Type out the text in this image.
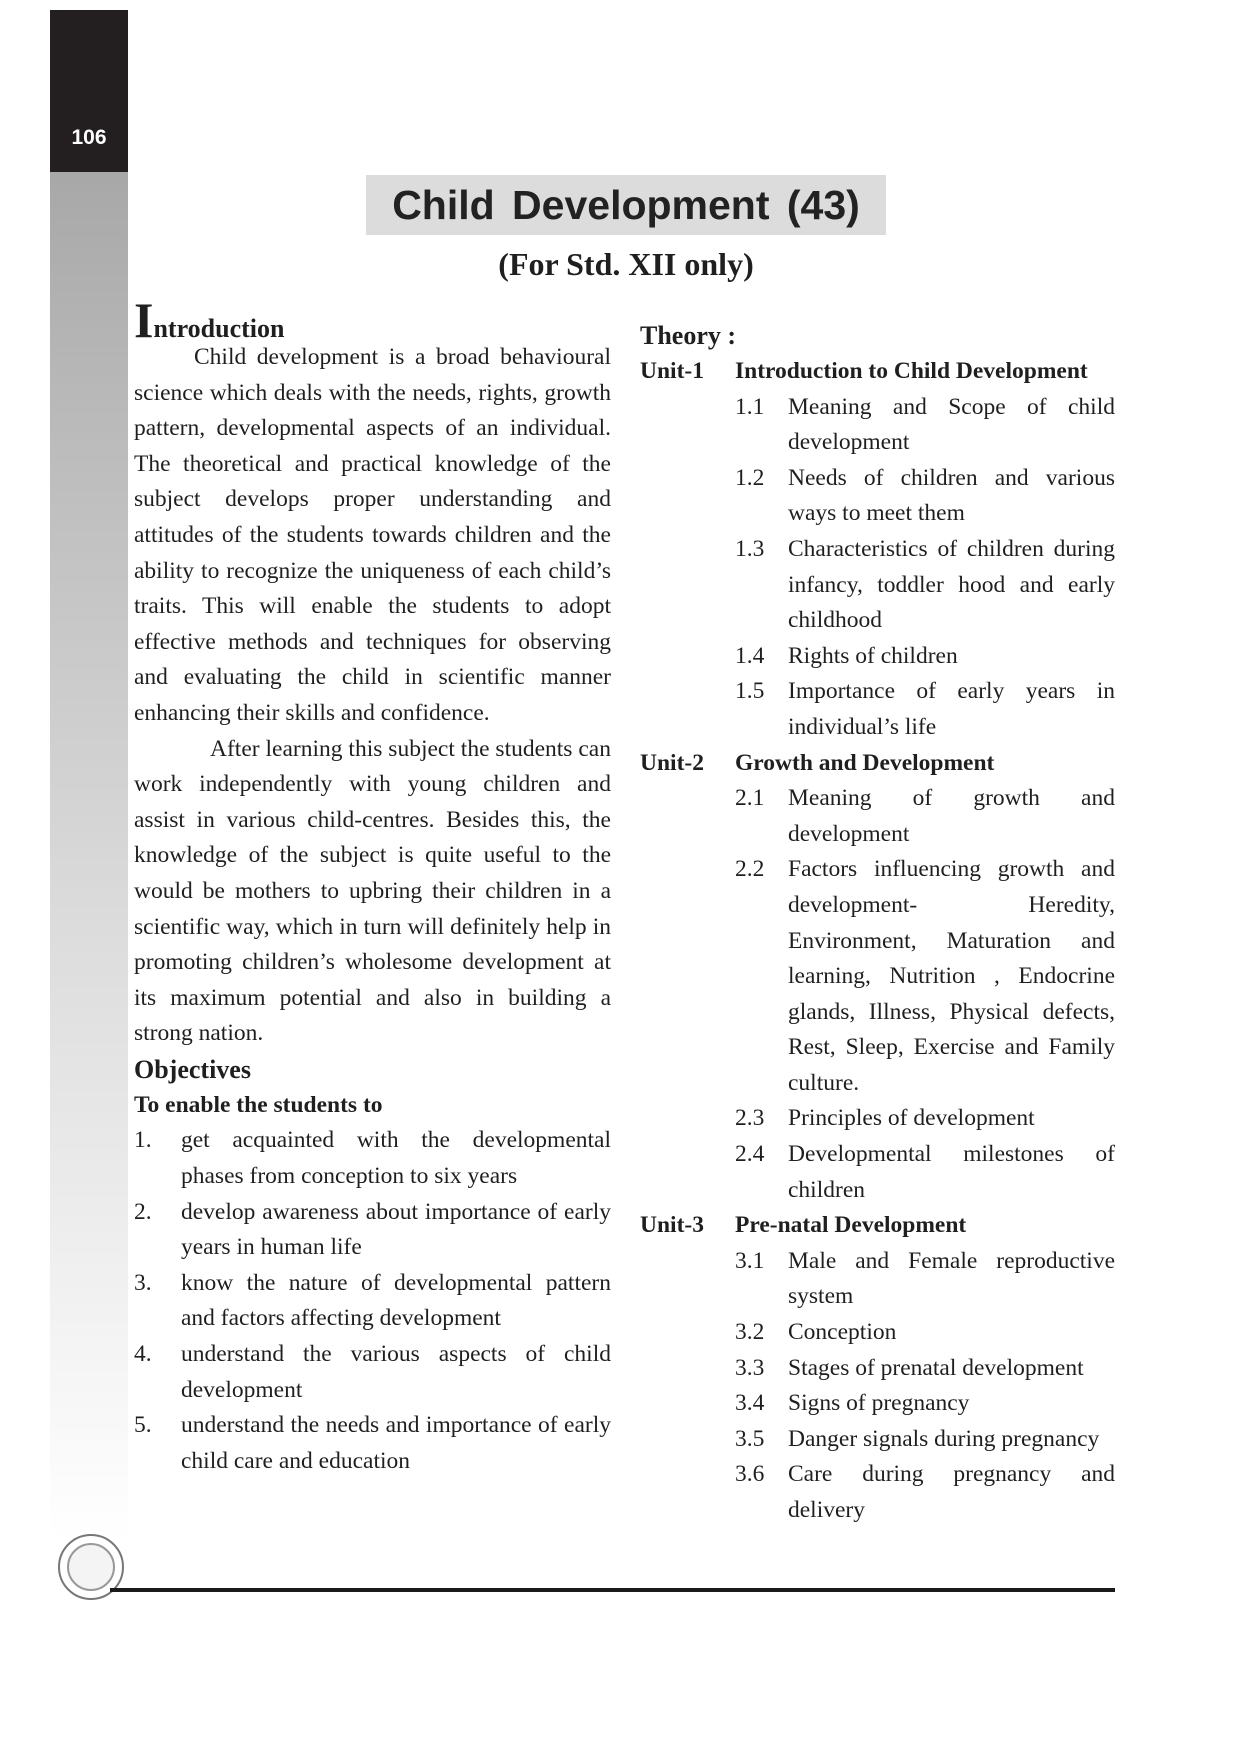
106
Child Development (43)
(For Std. XII only)
Introduction

Child development is a broad behavioural science which deals with the needs, rights, growth pattern, developmental aspects of an individual. The theoretical and practical knowledge of the subject develops proper understanding and attitudes of the students towards children and the ability to recognize the uniqueness of each child’s traits. This will enable the students to adopt effective methods and techniques for observing and evaluating the child in scientific manner enhancing their skills and confidence.

After learning this subject the students can work independently with young children and assist in various child-centres. Besides this, the knowledge of the subject is quite useful to the would be mothers to upbring their children in a scientific way, which in turn will definitely help in promoting children’s wholesome development at its maximum potential and also in building a strong nation.

Objectives
To enable the students to
1.	get acquainted with the developmental phases from conception to six years
2.	develop awareness about importance of early years in human life
3.	know the nature of developmental pattern and factors affecting development
4.	understand the various aspects of child development
5.	understand the needs and importance of early child care and education
Theory :
Unit-1	Introduction to Child Development
1.1	Meaning and Scope of child development
1.2	Needs of children and various ways to meet them
1.3	Characteristics of children during infancy, toddler hood and early childhood
1.4	Rights of children
1.5	Importance of early years in individual’s life
Unit-2	Growth and Development
2.1	Meaning of growth and development
2.2	Factors influencing growth and development- Heredity, Environment, Maturation and learning, Nutrition , Endocrine glands, Illness, Physical defects, Rest, Sleep, Exercise and Family culture.
2.3	Principles of development
2.4	Developmental milestones of children
Unit-3	Pre-natal Development
3.1	Male and Female reproductive system
3.2	Conception
3.3	Stages of prenatal development
3.4	Signs of pregnancy
3.5	Danger signals during pregnancy
3.6	Care during pregnancy and delivery
